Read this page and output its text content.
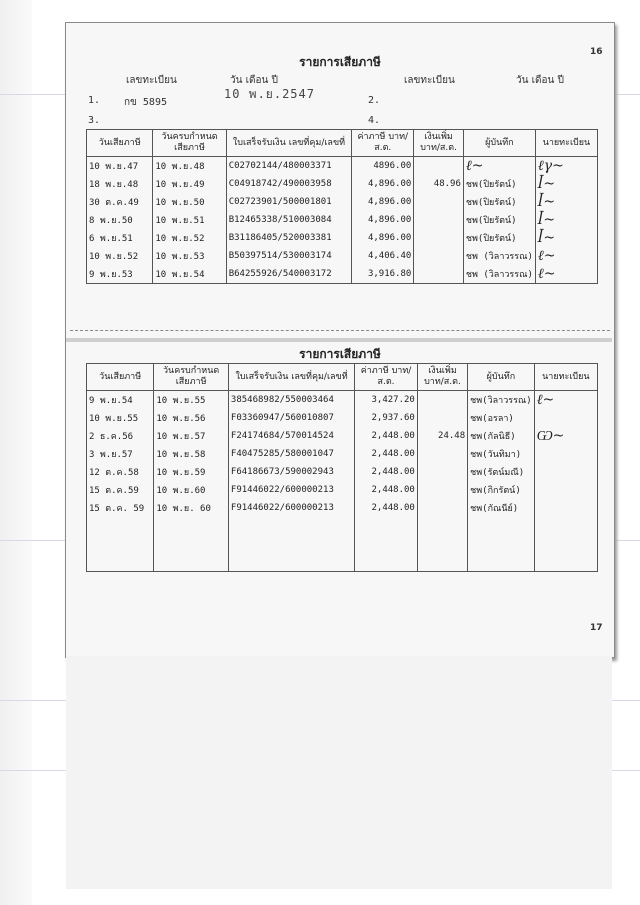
16
รายการเสียภาษี
เลขทะเบียน	วัน เดือน ปี	เลขทะเบียน	วัน เดือน ปี
1. กข 5895
10 พ.ย.2547	2.
3.	4.
วันเสียภาษี	วันครบกำหนด เสียภาษี	ใบเสร็จรับเงิน เลขที่คุม/เลขที่	ค่าภาษี บาท/ส.ต.	เงินเพิ่ม บาท/ส.ต.	ผู้บันทึก	นายทะเบียน
10 พ.ย.47	10 พ.ย.48	C02702144/480003371	4896.00		ℓ~	ℓγ~
18 พ.ย.48	10 พ.ย.49	C04918742/490003958	4,896.00	48.96	ชพ(ปิยรัตน์)	ꟾ~
30 ต.ค.49	10 พ.ย.50	C02723901/500001801	4,896.00		ชพ(ปิยรัตน์)	ꟾ~
8 พ.ย.50	10 พ.ย.51	B12465338/510003084	4,896.00		ชพ(ปิยรัตน์)	ꟾ~
6 พ.ย.51	10 พ.ย.52	B31186405/520003381	4,896.00		ชพ(ปิยรัตน์)	ꟾ~
10 พ.ย.52	10 พ.ย.53	B50397514/530003174	4,406.40		ชพ (วิลาวรรณ)	ℓ~
9 พ.ย.53	10 พ.ย.54	B64255926/540003172	3,916.80		ชพ (วิลาวรรณ)	ℓ~
รายการเสียภาษี
วันเสียภาษี	วันครบกำหนด เสียภาษี	ใบเสร็จรับเงิน เลขที่คุม/เลขที่	ค่าภาษี บาท/ส.ต.	เงินเพิ่ม บาท/ส.ต.	ผู้บันทึก	นายทะเบียน
9 พ.ย.54	10 พ.ย.55	385468982/550003464	3,427.20		ชพ(วิลาวรรณ)	ℓ~
10 พ.ย.55	10 พ.ย.56	F03360947/560010807	2,937.60		ชพ(อรลา)	
2 ธ.ค.56	10 พ.ย.57	F24174684/570014524	2,448.00	24.48	ชพ(กัลนิธี)	Ѡ~
3 พ.ย.57	10 พ.ย.58	F40475285/580001047	2,448.00		ชพ(วันทิมา)	
12 ต.ค.58	10 พ.ย.59	F64186673/590002943	2,448.00		ชพ(รัตน์มณี)	
15 ต.ค.59	10 พ.ย.60	F91446022/600000213	2,448.00		ชพ(กิกรัตน์)	
15 ต.ค. 59	10 พ.ย. 60	F91446022/600000213	2,448.00		ชพ(กัณนีย์)	

17
